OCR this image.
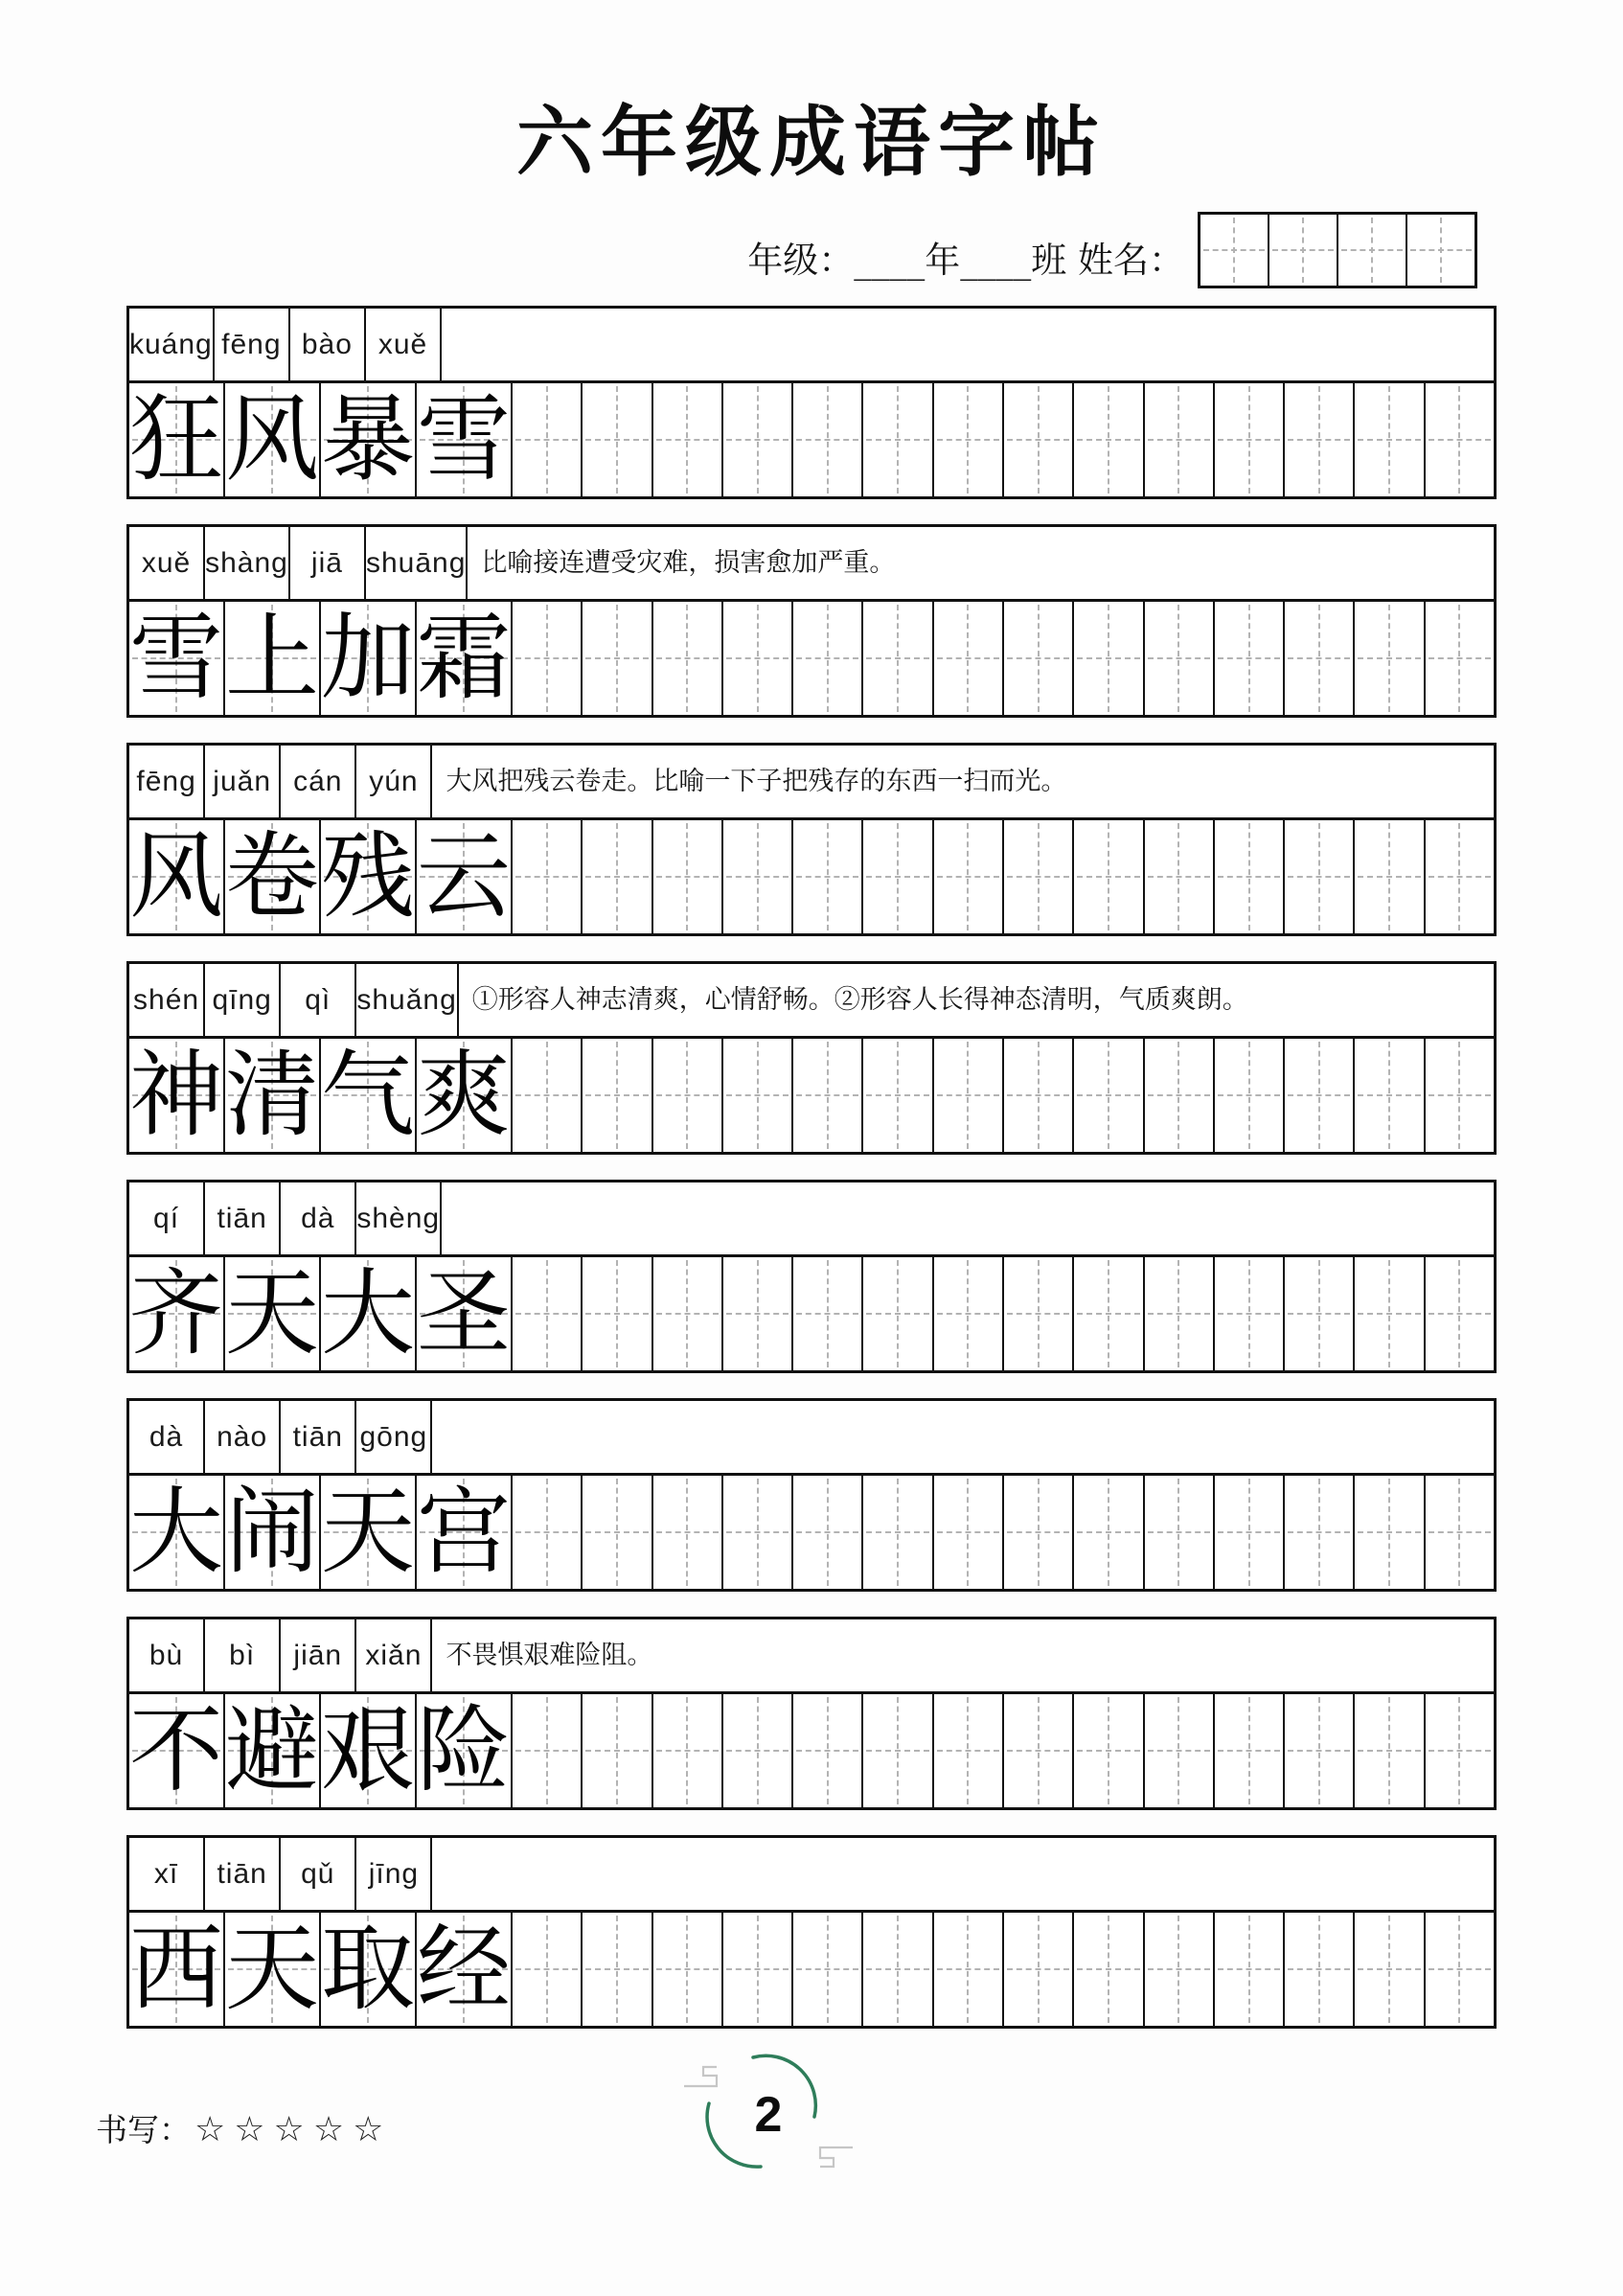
六年级成语字帖
年级：____年____班 姓名：
kuáng fēng bào xuě
狂 风 暴 雪
xuě shàng jiā shuāng 比喻接连遭受灾难，损害愈加严重。
雪 上 加 霜
fēng juǎn cán yún	大风把残云卷走。比喻一下子把残存的东西一扫而光。
风 卷 残 云
shén qīng	qì shuǎng ①形容人神志清爽，心情舒畅。②形容人长得神态清明，气质爽朗。
神 清 气 爽
qí	tiān	dà shèng
齐 天 大 圣
dà	nào tiān gōng
大 闹 天 宫
bù	bì	jiān xiǎn 不畏惧艰难险阻。
不 避 艰 险
xī	tiān	qǔ	jīng
西 天 取 经
书写： ☆☆☆☆☆	2
